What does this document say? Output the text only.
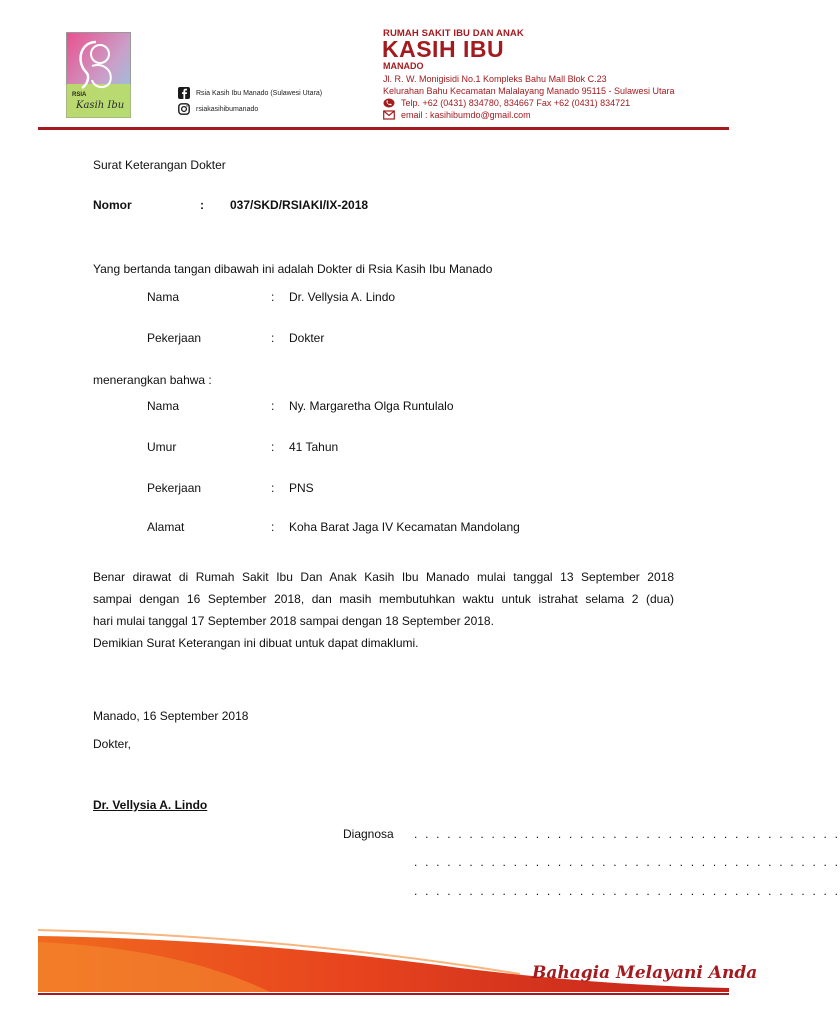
RSIA
Kasih Ibu
Rsia Kasih Ibu Manado (Sulawesi Utara)
rsiakasihibumanado
RUMAH SAKIT IBU DAN ANAK
KASIH IBU
MANADO
Jl. R. W. Monigisidi No.1 Kompleks Bahu Mall Blok C.23
Kelurahan Bahu Kecamatan Malalayang Manado 95115 - Sulawesi Utara
Telp. +62 (0431) 834780, 834667 Fax +62 (0431) 834721
email : kasihibumdo@gmail.com
Surat Keterangan Dokter
Nomor	: 037/SKD/RSIAKI/IX-2018
Yang bertanda tangan dibawah ini adalah Dokter di Rsia Kasih Ibu Manado
Nama	: Dr. Vellysia A. Lindo
Pekerjaan	: Dokter
menerangkan bahwa :
Nama	: Ny. Margaretha Olga Runtulalo
Umur	: 41 Tahun
Pekerjaan	: PNS
Alamat	: Koha Barat Jaga IV Kecamatan Mandolang
Benar dirawat di Rumah Sakit Ibu Dan Anak Kasih Ibu Manado mulai tanggal 13 September 2018
sampai dengan 16 September 2018, dan masih membutuhkan waktu untuk istrahat selama 2 (dua)
hari mulai tanggal 17 September 2018 sampai dengan 18 September 2018.
Demikian Surat Keterangan ini dibuat untuk dapat dimaklumi.
Manado, 16 September 2018
Dokter,
Dr. Vellysia A. Lindo
Diagnosa . . . . . . . . . . . . . . . . . . . . . . . . . . . . . . . . . . . . . . .
. . . . . . . . . . . . . . . . . . . . . . . . . . . . . . . . . . . . . . .
. . . . . . . . . . . . . . . . . . . . . . . . . . . . . . . . . . . . . . .
Bahagia Melayani Anda
